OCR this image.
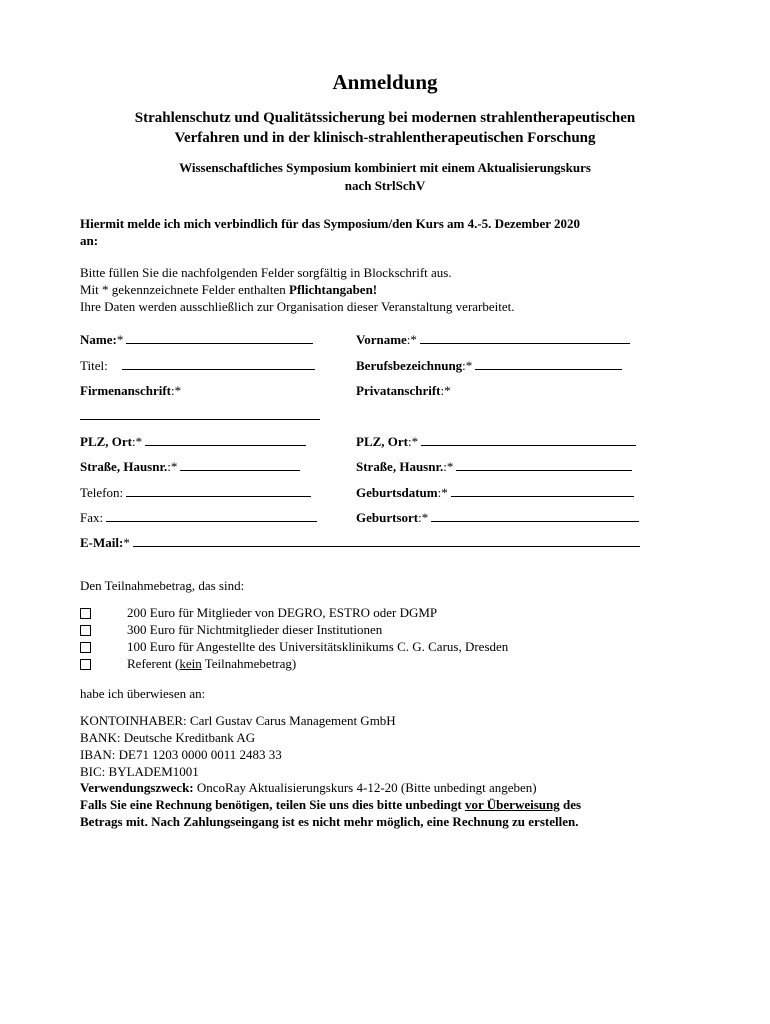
Anmeldung
Strahlenschutz und Qualitätssicherung bei modernen strahlentherapeutischen
Verfahren und in der klinisch-strahlentherapeutischen Forschung
Wissenschaftliches Symposium kombiniert mit einem Aktualisierungskurs
nach StrlSchV
Hiermit melde ich mich verbindlich für das Symposium/den Kurs am 4.-5. Dezember 2020
an:
Bitte füllen Sie die nachfolgenden Felder sorgfältig in Blockschrift aus.
Mit * gekennzeichnete Felder enthalten Pflichtangaben!
Ihre Daten werden ausschließlich zur Organisation dieser Veranstaltung verarbeitet.
Name: *
Titel:
Firmenanschrift :*
PLZ, Ort :*
Straße, Hausnr. :*
Telefon:
Fax:
Vorname :*
Berufsbezeichnung :*
Privatanschrift :*
PLZ, Ort :*
Straße, Hausnr. :*
Geburtsdatum :*
Geburtsort :*
E-Mail: *
Den Teilnahmebetrag, das sind:
200 Euro für Mitglieder von DEGRO, ESTRO oder DGMP
300 Euro für Nichtmitglieder dieser Institutionen
100 Euro für Angestellte des Universitätsklinikums C. G. Carus, Dresden
Referent (kein Teilnahmebetrag)
habe ich überwiesen an:
KONTOINHABER: Carl Gustav Carus Management GmbH
BANK: Deutsche Kreditbank AG
IBAN: DE71 1203 0000 0011 2483 33
BIC: BYLADEM1001
Verwendungszweck: OncoRay Aktualisierungskurs 4-12-20 (Bitte unbedingt angeben)
Falls Sie eine Rechnung benötigen, teilen Sie uns dies bitte unbedingt vor Überweisung des
Betrags mit. Nach Zahlungseingang ist es nicht mehr möglich, eine Rechnung zu erstellen.
